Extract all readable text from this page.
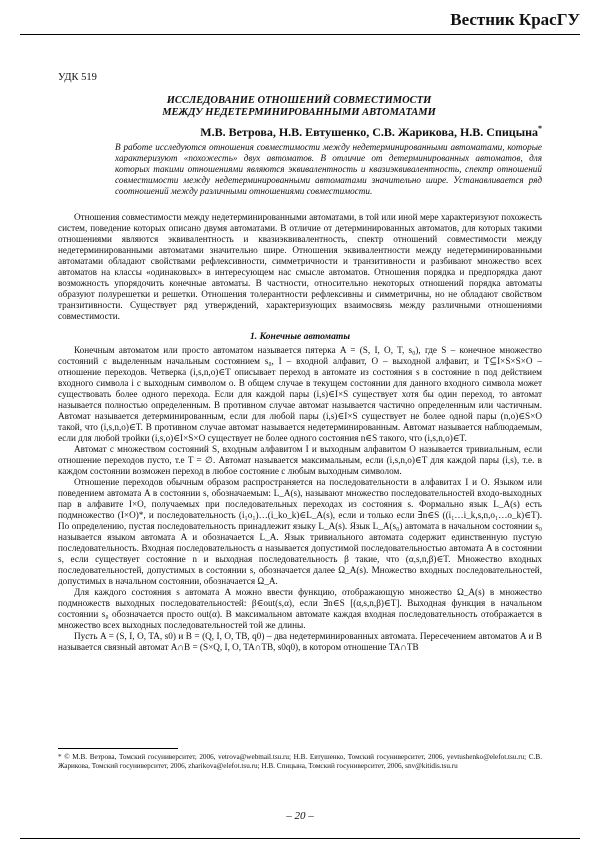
Вестник КрасГУ
УДК 519
ИССЛЕДОВАНИЕ ОТНОШЕНИЙ СОВМЕСТИМОСТИ
МЕЖДУ НЕДЕТЕРМИНИРОВАННЫМИ АВТОМАТАМИ
М.В. Ветрова, Н.В. Евтушенко, С.В. Жарикова, Н.В. Спицына*
В работе исследуются отношения совместимости между недетерминированными автоматами, которые характеризуют «похожесть» двух автоматов. В отличие от детерминированных автоматов, для которых такими отношениями являются эквивалентность и квазиэквивалентность, спектр отношений совместимости между недетерминированными автоматами значительно шире. Устанавливается ряд соотношений между различными отношениями совместимости.

Отношения совместимости между недетерминированными автоматами, в той или иной мере характеризуют похожесть систем, поведение которых описано двумя автоматами. В отличие от детерминированных автоматов, для которых такими отношениями являются эквивалентность и квазиэквивалентность, спектр отношений совместимости между недетерминированными автоматами значительно шире. Отношения эквивалентности между недетерминированными автоматами обладают свойствами рефлексивности, симметричности и транзитивности и разбивают множество всех автоматов на классы «одинаковых» в интересующем нас смысле автоматов. Отношения порядка и предпорядка дают возможность упорядочить конечные автоматы. В частности, относительно некоторых отношений порядка автоматы образуют полурешетки и решетки. Отношения толерантности рефлексивны и симметричны, но не обладают свойством транзитивности. Существует ряд утверждений, характеризующих взаимосвязь между различными отношениями совместимости.

1. Конечные автоматы

Конечным автоматом или просто автоматом называется пятерка A = (S, I, O, T, s₀), где S – конечное множество состояний с выделенным начальным состоянием s₀, I – входной алфавит, O – выходной алфавит, и T⊆I×S×S×O – отношение переходов. Четверка (i,s,n,o)∈T описывает переход в автомате из состояния s в состояние n под действием входного символа i с выходным символом o. В общем случае в текущем состоянии для данного входного символа может существовать более одного перехода. Если для каждой пары (i,s)∈I×S существует хотя бы один переход, то автомат называется полностью определенным. В противном случае автомат называется частично определенным или частичным. Автомат называется детерминированным, если для любой пары (i,s)∈I×S существует не более одной пары (n,o)∈S×O такой, что (i,s,n,o)∈T. В противном случае автомат называется недетерминированным. Автомат называется наблюдаемым, если для любой тройки (i,s,o)∈I×S×O существует не более одного состояния n∈S такого, что (i,s,n,o)∈T.

Автомат с множеством состояний S, входным алфавитом I и выходным алфавитом O называется тривиальным, если отношение переходов пусто, т.е T = ∅. Автомат называется максимальным, если (i,s,n,o)∈T для каждой пары (i,s), т.е. в каждом состоянии возможен переход в любое состояние с любым выходным символом.

Отношение переходов обычным образом распространяется на последовательности в алфавитах I и O. Языком или поведением автомата A в состоянии s, обозначаемым: L_A(s), называют множество последовательностей входо-выходных пар в алфавите I×O, получаемых при последовательных переходах из состояния s. Формально язык L_A(s) есть подмножество (I×O)*, и последовательность (i₁o₁)…(i_ko_k)∈L_A(s), если и только если ∃n∈S ((i₁…i_k,s,n,o₁…o_k)∈T). По определению, пустая последовательность принадлежит языку L_A(s). Язык L_A(s₀) автомата в начальном состоянии s₀ называется языком автомата A и обозначается L_A. Язык тривиального автомата содержит единственную пустую последовательность. Входная последовательность α называется допустимой последовательностью автомата A в состоянии s, если существует состояние n и выходная последовательность β такие, что (α,s,n,β)∈T. Множество входных последовательностей, допустимых в состоянии s, обозначается далее Ω_A(s). Множество входных последовательностей, допустимых в начальном состоянии, обозначается Ω_A.

Для каждого состояния s автомата A можно ввести функцию, отображающую множество Ω_A(s) в множество подмножеств выходных последовательностей: β∈out(s,α), если ∃n∈S [(α,s,n,β)∈T]. Выходная функция в начальном состоянии s₀ обозначается просто out(α). В максимальном автомате каждая входная последовательность отображается в множество всех выходных последовательностей той же длины.

Пусть A = (S, I, O, TA, s0) и B = (Q, I, O, TB, q0) – два недетерминированных автомата. Пересечением автоматов A и B называется связный автомат A∩B = (S×Q, I, O, TA∩TB, s0q0), в котором отношение TA∩TB

* © М.В. Ветрова, Томский госуниверситет, 2006, vetrova@webmail.tsu.ru; Н.В. Евтушенко, Томский госуниверситет, 2006, yevtushenko@elefot.tsu.ru; С.В. Жарикова, Томский госуниверситет, 2006, zharikova@elefot.tsu.ru; Н.В. Спицына, Томский госуниверситет, 2006, snv@kitidis.tsu.ru
– 20 –
